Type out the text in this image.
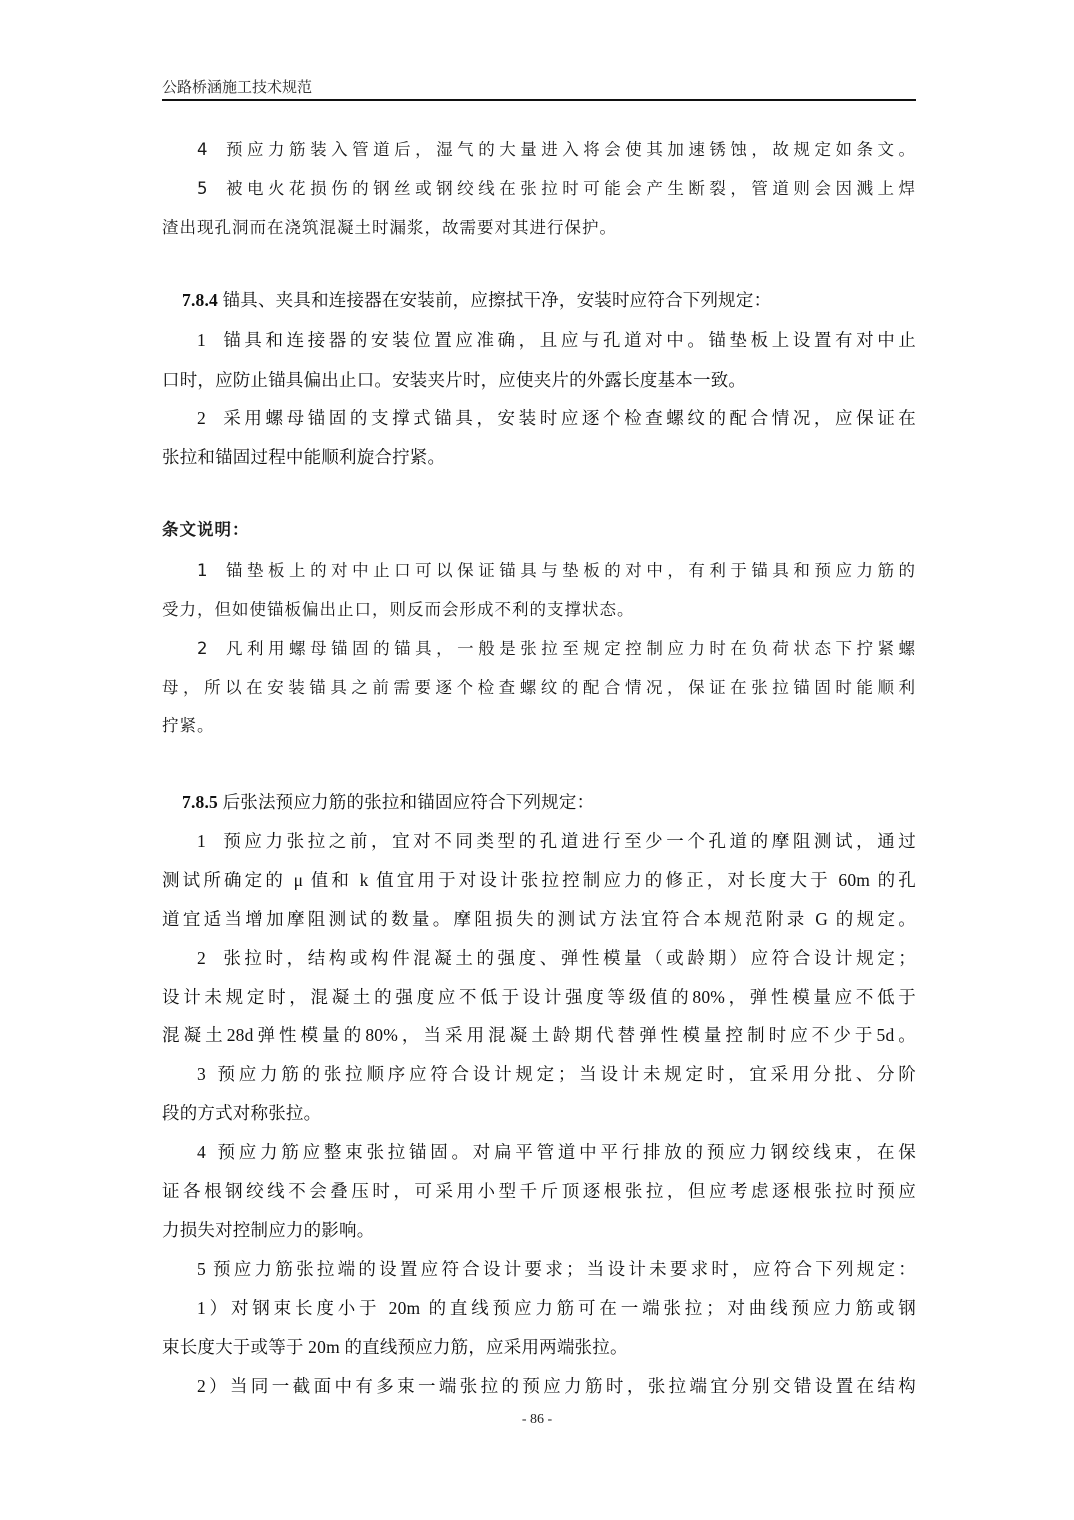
公路桥涵施工技术规范
4 预应力筋装入管道后，湿气的大量进入将会使其加速锈蚀，故规定如条文。
5 被电火花损伤的钢丝或钢绞线在张拉时可能会产生断裂，管道则会因溅上焊
渣出现孔洞而在浇筑混凝土时漏浆，故需要对其进行保护。
7.8.4 锚具、夹具和连接器在安装前，应擦拭干净，安装时应符合下列规定：
1 锚具和连接器的安装位置应准确，且应与孔道对中。锚垫板上设置有对中止
口时，应防止锚具偏出止口。安装夹片时，应使夹片的外露长度基本一致。
2 采用螺母锚固的支撑式锚具，安装时应逐个检查螺纹的配合情况，应保证在
张拉和锚固过程中能顺利旋合拧紧。
条文说明：
1 锚垫板上的对中止口可以保证锚具与垫板的对中，有利于锚具和预应力筋的
受力，但如使锚板偏出止口，则反而会形成不利的支撑状态。
2 凡利用螺母锚固的锚具，一般是张拉至规定控制应力时在负荷状态下拧紧螺
母，所以在安装锚具之前需要逐个检查螺纹的配合情况，保证在张拉锚固时能顺利
拧紧。
7.8.5 后张法预应力筋的张拉和锚固应符合下列规定：
1 预应力张拉之前，宜对不同类型的孔道进行至少一个孔道的摩阻测试，通过
测试所确定的 μ 值和 k 值宜用于对设计张拉控制应力的修正，对长度大于 60m 的孔
道宜适当增加摩阻测试的数量。摩阻损失的测试方法宜符合本规范附录 G 的规定。
2 张拉时，结构或构件混凝土的强度、弹性模量（或龄期）应符合设计规定；
设计未规定时，混凝土的强度应不低于设计强度等级值的80%，弹性模量应不低于
混凝土28d弹性模量的80%，当采用混凝土龄期代替弹性模量控制时应不少于5d。
3 预应力筋的张拉顺序应符合设计规定；当设计未规定时，宜采用分批、分阶
段的方式对称张拉。
4 预应力筋应整束张拉锚固。对扁平管道中平行排放的预应力钢绞线束，在保
证各根钢绞线不会叠压时，可采用小型千斤顶逐根张拉，但应考虑逐根张拉时预应
力损失对控制应力的影响。
5 预应力筋张拉端的设置应符合设计要求；当设计未要求时，应符合下列规定：
1）对钢束长度小于 20m 的直线预应力筋可在一端张拉；对曲线预应力筋或钢
束长度大于或等于 20m 的直线预应力筋，应采用两端张拉。
2）当同一截面中有多束一端张拉的预应力筋时，张拉端宜分别交错设置在结构
- 86 -
